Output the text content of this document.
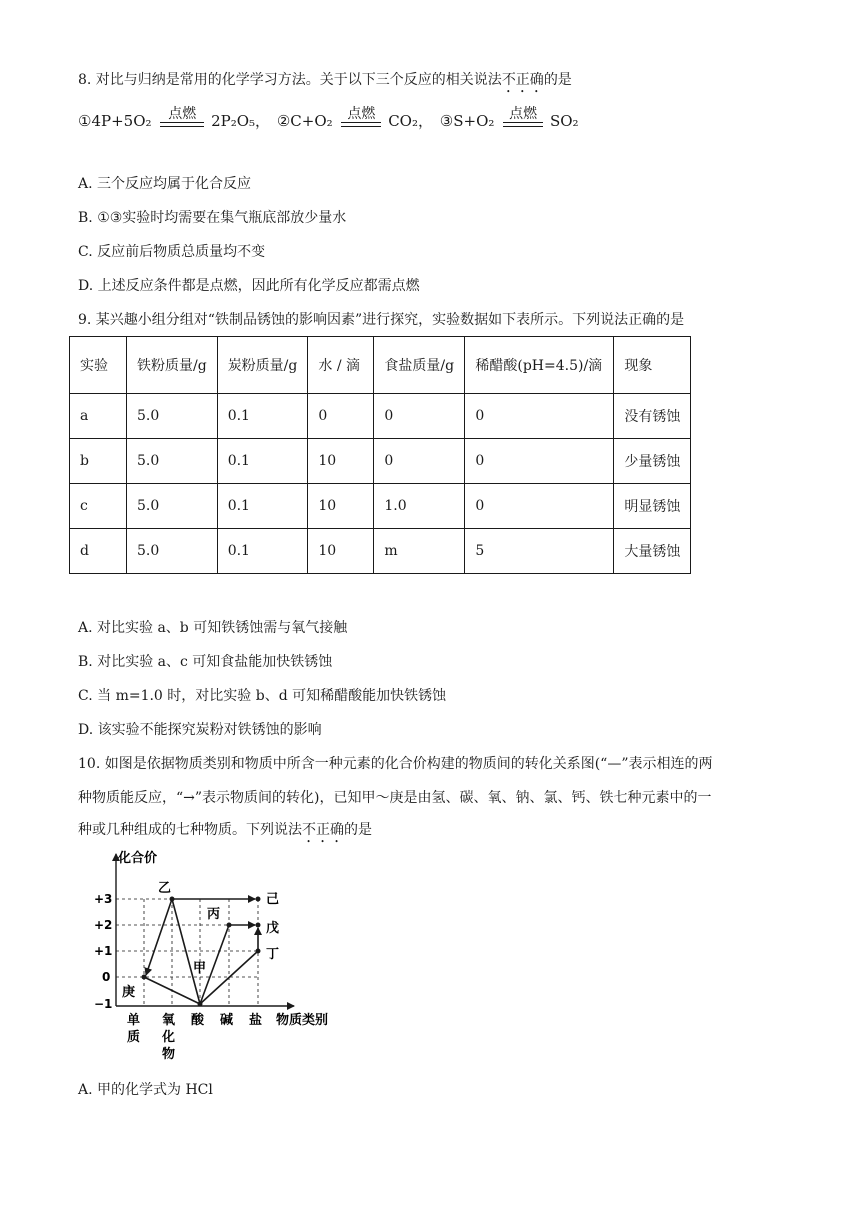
8. 对比与归纳是常用的化学学习方法。关于以下三个反应的相关说法不正确的是
①4P+5O₂	点燃 2P₂O₅， ②C+O₂	点燃 CO₂， ③S+O₂	点燃 SO₂
A. 三个反应均属于化合反应
B. ①③实验时均需要在集气瓶底部放少量水
C. 反应前后物质总质量均不变
D. 上述反应条件都是点燃，因此所有化学反应都需点燃
9. 某兴趣小组分组对“铁制品锈蚀的影响因素”进行探究，实验数据如下表所示。下列说法正确的是
实验	铁粉质量/g	炭粉质量/g	水 / 滴	食盐质量/g	稀醋酸(pH=4.5)/滴	现象
a	5.0	0.1	0	0	0	没有锈蚀
b	5.0	0.1	10	0	0	少量锈蚀
c	5.0	0.1	10	1.0	0	明显锈蚀
d	5.0	0.1	10	m	5	大量锈蚀
A. 对比实验 a、b 可知铁锈蚀需与氧气接触
B. 对比实验 a、c 可知食盐能加快铁锈蚀
C. 当 m=1.0 时，对比实验 b、d 可知稀醋酸能加快铁锈蚀
D. 该实验不能探究炭粉对铁锈蚀的影响
10. 如图是依据物质类别和物质中所含一种元素的化合价构建的物质间的转化关系图(“—”表示相连的两
种物质能反应，“→”表示物质间的转化)，已知甲～庚是由氢、碳、氧、钠、氯、钙、铁七种元素中的一
种或几种组成的七种物质。下列说法不正确的是
化合价
+3
+2
+1
0
−1
甲
乙
丙
丁
戊
己
庚
单 质
氧 化 物
酸 碱 盐 物质类别
A. 甲的化学式为 HCl
